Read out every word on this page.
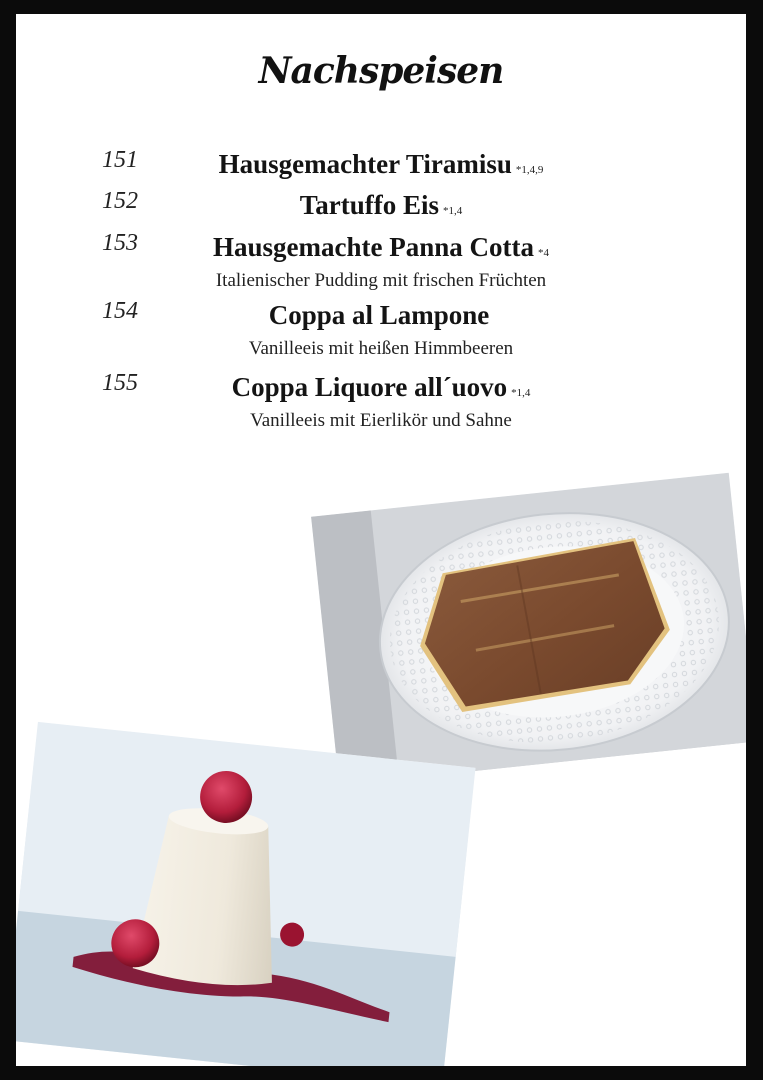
Nachspeisen
151	Hausgemachter Tiramisu *1,4,9
152	Tartuffo Eis *1,4
153	Hausgemachte Panna Cotta *4
Italienischer Pudding mit frischen Früchten
154	Coppa al Lampone
Vanilleeis mit heißen Himmbeeren
155	Coppa Liquore all´uovo *1,4
Vanilleeis mit Eierlikör und Sahne
